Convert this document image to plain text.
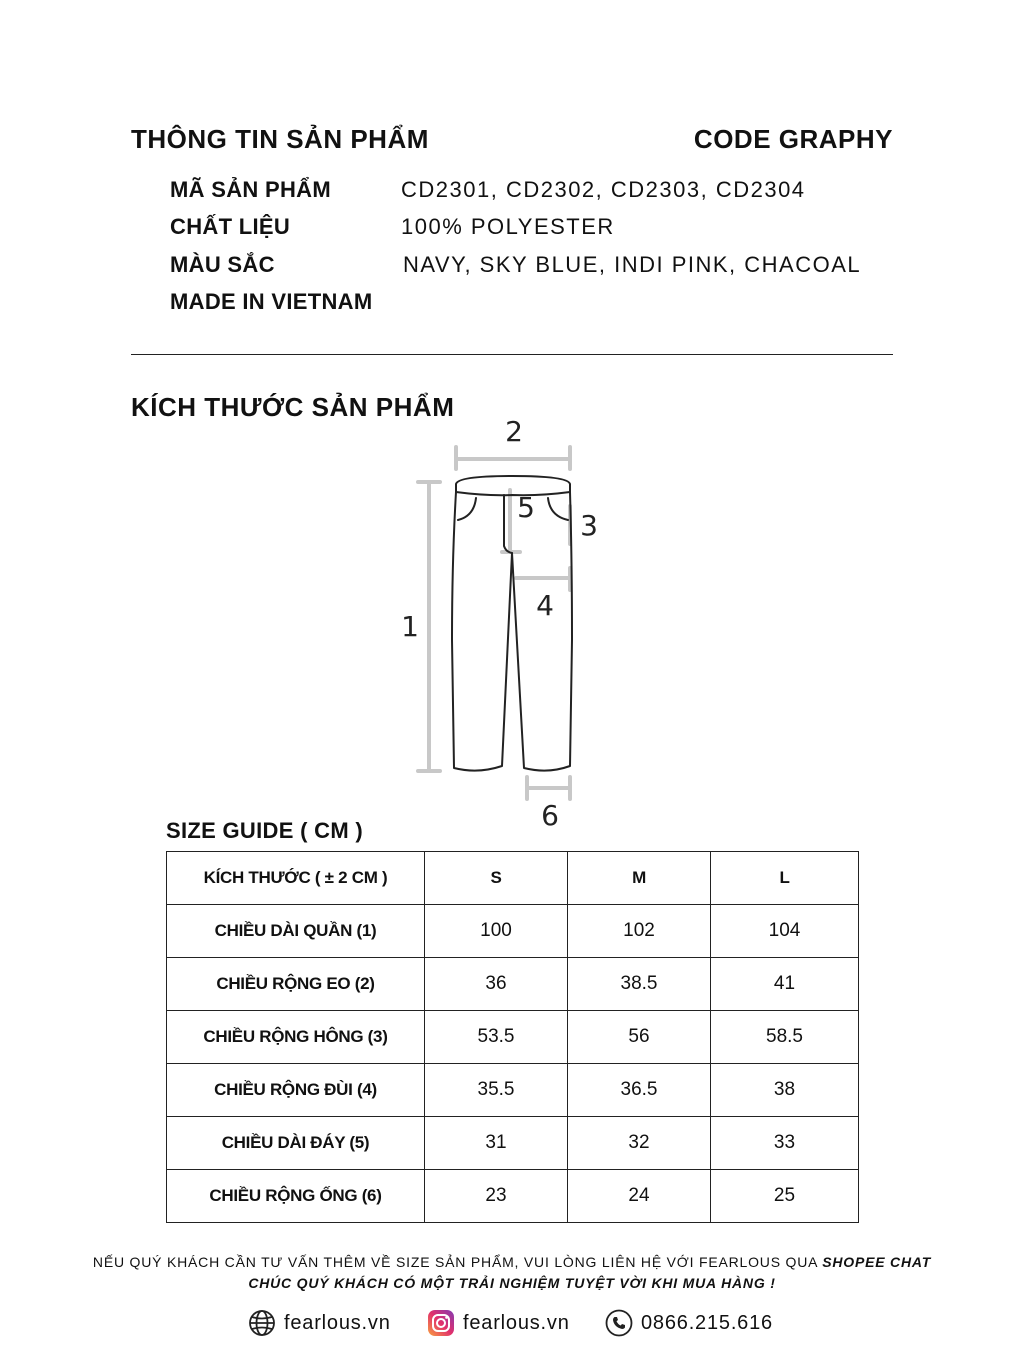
THÔNG TIN SẢN PHẨM	CODE GRAPHY
MÃ SẢN PHẨM	CD2301, CD2302, CD2303, CD2304
CHẤT LIỆU	100% POLYESTER
MÀU SẮC	NAVY, SKY BLUE, INDI PINK, CHACOAL
MADE IN VIETNAM
KÍCH THƯỚC SẢN PHẨM
1
2
3
4
5
6
SIZE GUIDE ( CM )
KÍCH THƯỚC ( ± 2 CM )	S	M	L
CHIỀU DÀI QUẦN (1)	100	102	104
CHIỀU RỘNG EO (2)	36	38.5	41
CHIỀU RỘNG HÔNG (3)	53.5	56	58.5
CHIỀU RỘNG ĐÙI (4)	35.5	36.5	38
CHIỀU DÀI ĐÁY (5)	31	32	33
CHIỀU RỘNG ỐNG (6)	23	24	25
NẾU QUÝ KHÁCH CẦN TƯ VẤN THÊM VỀ SIZE SẢN PHẨM, VUI LÒNG LIÊN HỆ VỚI FEARLOUS QUA SHOPEE CHAT
CHÚC QUÝ KHÁCH CÓ MỘT TRẢI NGHIỆM TUYỆT VỜI KHI MUA HÀNG !
fearlous.vn	fearlous.vn	0866.215.616
